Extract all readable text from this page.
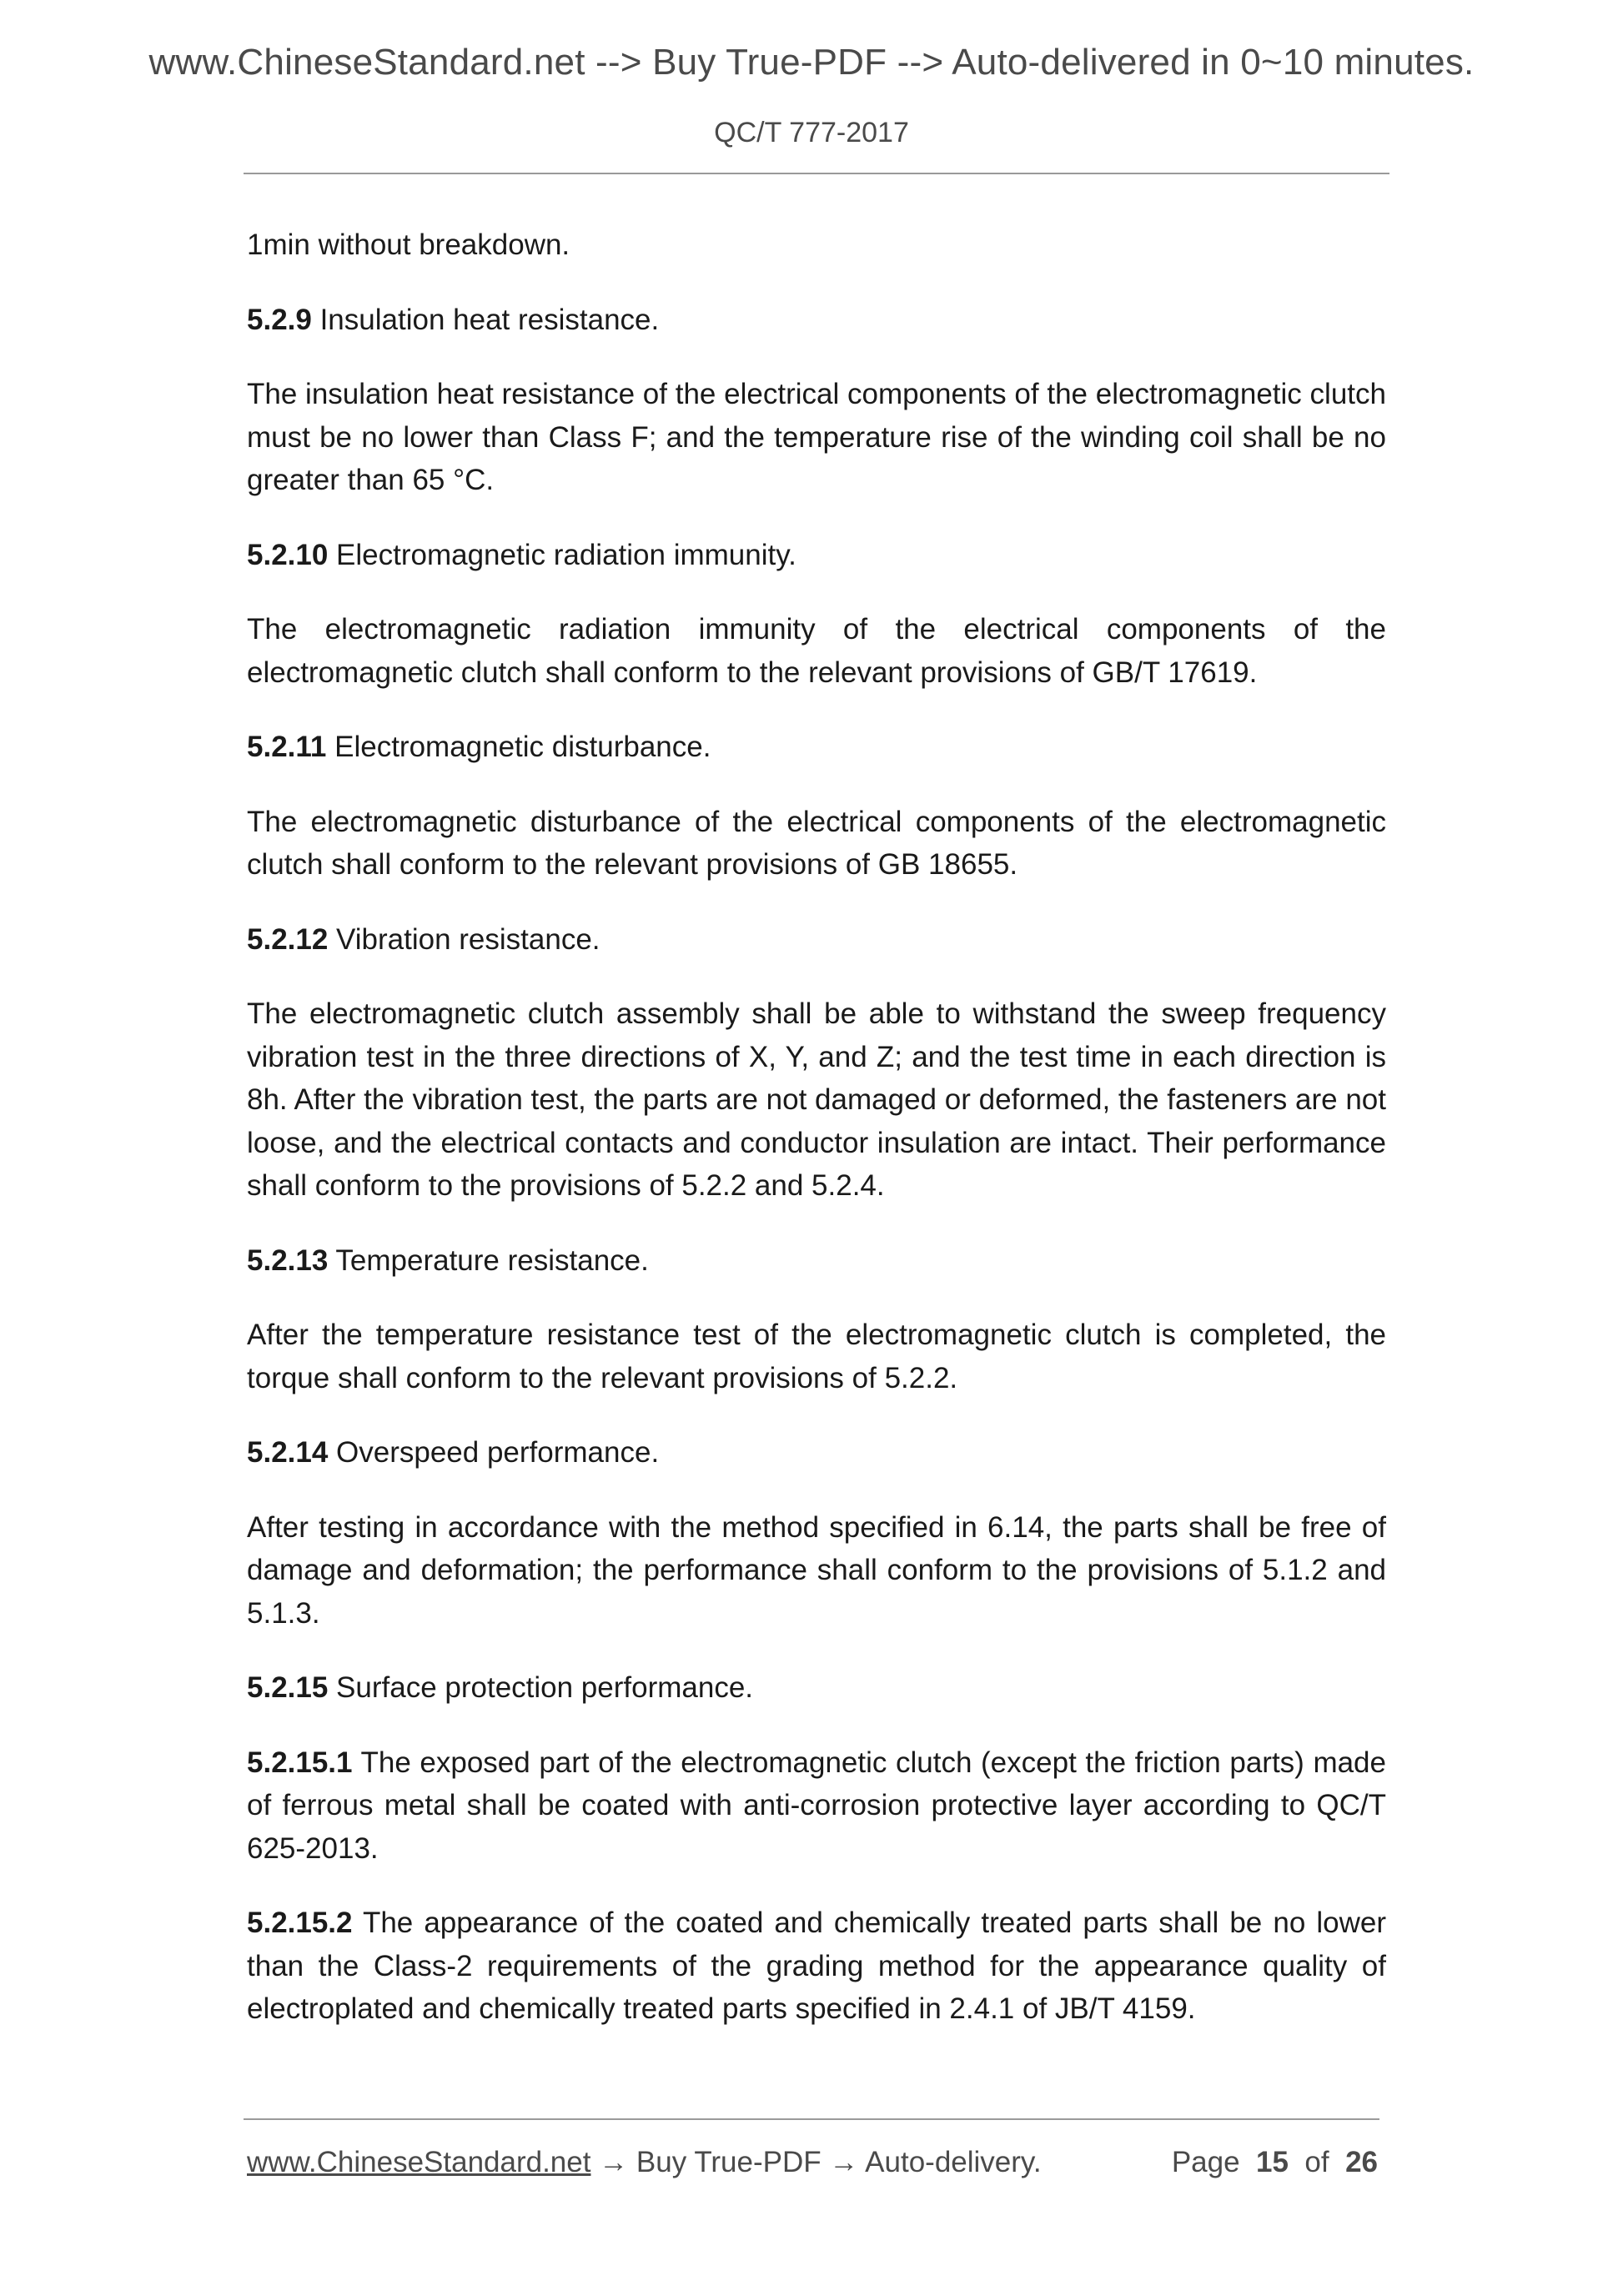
www.ChineseStandard.net --> Buy True-PDF --> Auto-delivered in 0~10 minutes.
QC/T 777-2017

1min without breakdown.

5.2.9 Insulation heat resistance.

The insulation heat resistance of the electrical components of the electromagnetic clutch must be no lower than Class F; and the temperature rise of the winding coil shall be no greater than 65 °C.

5.2.10 Electromagnetic radiation immunity.

The electromagnetic radiation immunity of the electrical components of the electromagnetic clutch shall conform to the relevant provisions of GB/T 17619.

5.2.11 Electromagnetic disturbance.

The electromagnetic disturbance of the electrical components of the electromagnetic clutch shall conform to the relevant provisions of GB 18655.

5.2.12 Vibration resistance.

The electromagnetic clutch assembly shall be able to withstand the sweep frequency vibration test in the three directions of X, Y, and Z; and the test time in each direction is 8h. After the vibration test, the parts are not damaged or deformed, the fasteners are not loose, and the electrical contacts and conductor insulation are intact. Their performance shall conform to the provisions of 5.2.2 and 5.2.4.

5.2.13 Temperature resistance.

After the temperature resistance test of the electromagnetic clutch is completed, the torque shall conform to the relevant provisions of 5.2.2.

5.2.14 Overspeed performance.

After testing in accordance with the method specified in 6.14, the parts shall be free of damage and deformation; the performance shall conform to the provisions of 5.1.2 and 5.1.3.

5.2.15 Surface protection performance.

5.2.15.1 The exposed part of the electromagnetic clutch (except the friction parts) made of ferrous metal shall be coated with anti-corrosion protective layer according to QC/T 625-2013.

5.2.15.2 The appearance of the coated and chemically treated parts shall be no lower than the Class-2 requirements of the grading method for the appearance quality of electroplated and chemically treated parts specified in 2.4.1 of JB/T 4159.

www.ChineseStandard.net → Buy True-PDF → Auto-delivery.	Page 15 of 26
